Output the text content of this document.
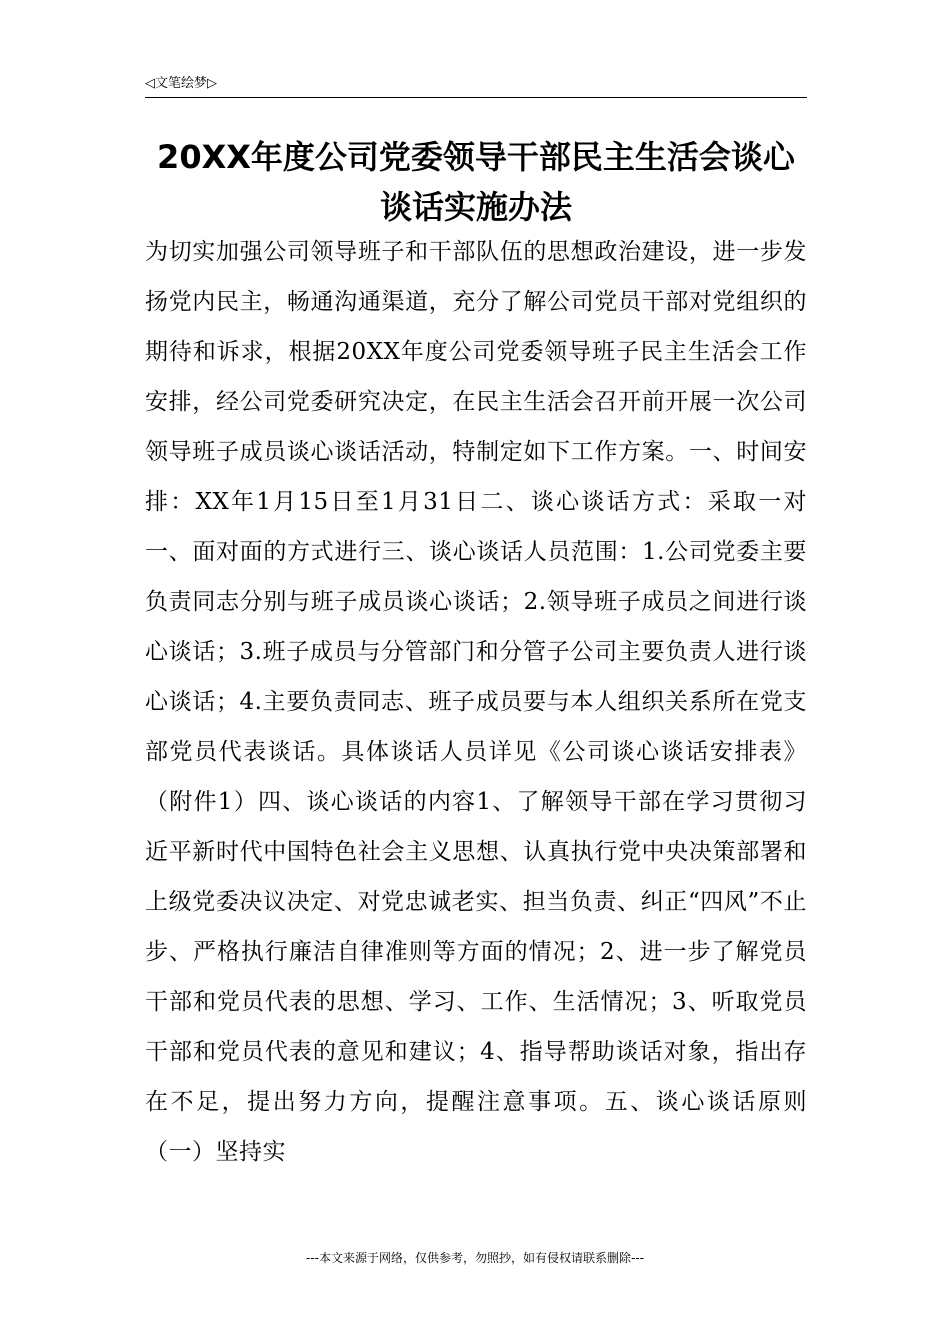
◁文笔绘梦▷
20XX年度公司党委领导干部民主生活会谈心谈话实施办法

为切实加强公司领导班子和干部队伍的思想政治建设，进一步发扬党内民主，畅通沟通渠道，充分了解公司党员干部对党组织的期待和诉求，根据20XX年度公司党委领导班子民主生活会工作安排，经公司党委研究决定，在民主生活会召开前开展一次公司领导班子成员谈心谈话活动，特制定如下工作方案。一、时间安排：XX年1月15日至1月31日二、谈心谈话方式：采取一对一、面对面的方式进行三、谈心谈话人员范围：1.公司党委主要负责同志分别与班子成员谈心谈话；2.领导班子成员之间进行谈心谈话；3.班子成员与分管部门和分管子公司主要负责人进行谈心谈话；4.主要负责同志、班子成员要与本人组织关系所在党支部党员代表谈话。具体谈话人员详见《公司谈心谈话安排表》（附件1）四、谈心谈话的内容1、了解领导干部在学习贯彻习近平新时代中国特色社会主义思想、认真执行党中央决策部署和上级党委决议决定、对党忠诚老实、担当负责、纠正“四风”不止步、严格执行廉洁自律准则等方面的情况；2、进一步了解党员干部和党员代表的思想、学习、工作、生活情况；3、听取党员干部和党员代表的意见和建议；4、指导帮助谈话对象，指出存在不足，提出努力方向，提醒注意事项。五、谈心谈话原则（一）坚持实

---本文来源于网络，仅供参考，勿照抄，如有侵权请联系删除---
